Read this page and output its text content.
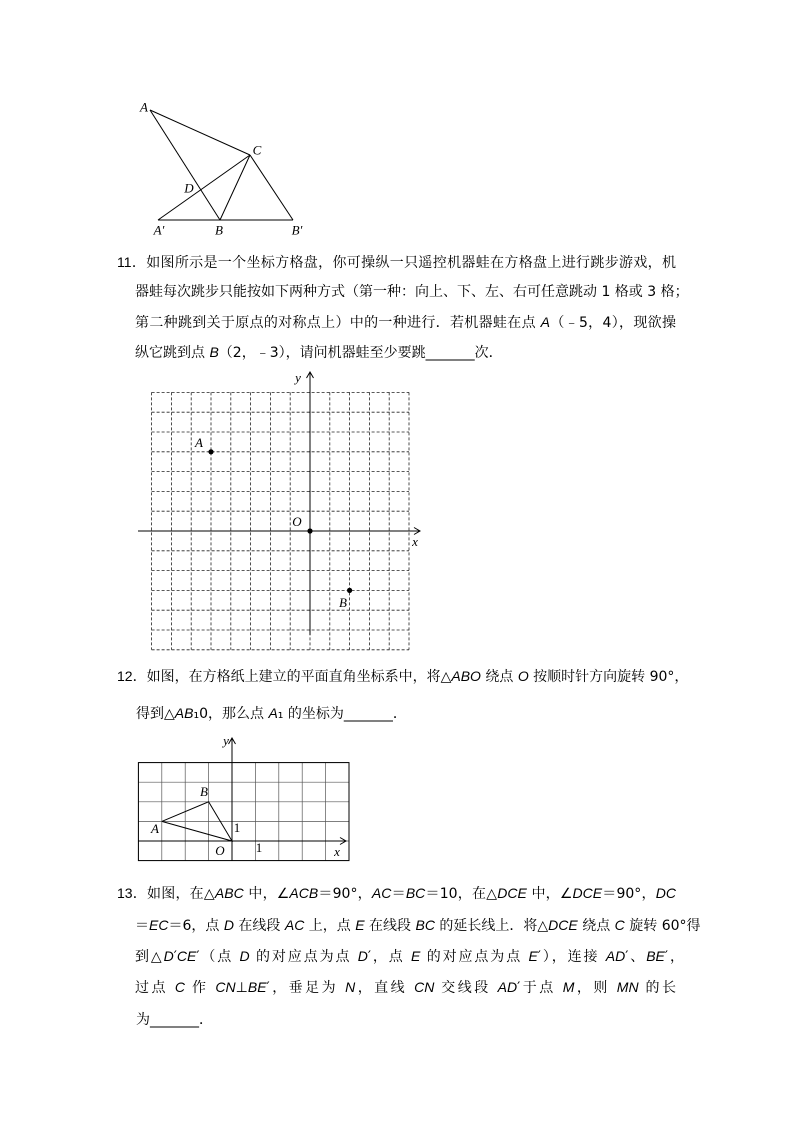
A
C
D
A′	B	B′
11．如图所示是一个坐标方格盘，你可操纵一只遥控机器蛙在方格盘上进行跳步游戏，机
器蛙每次跳步只能按如下两种方式（第一种：向上、下、左、右可任意跳动 1 格或 3 格；
第二种跳到关于原点的对称点上）中的一种进行．若机器蛙在点 A（﹣5，4），现欲操
纵它跳到点 B（2，﹣3），请问机器蛙至少要跳_______次．
y
x
O
A
B
12．如图，在方格纸上建立的平面直角坐标系中，将△ABO 绕点 O 按顺时针方向旋转 90°，
得到△AB₁0，那么点 A₁ 的坐标为_______．
A
B
O
1
1	x
y
13．如图，在△ABC 中，∠ACB＝90°，AC＝BC＝10，在△DCE 中，∠DCE＝90°，DC
＝EC＝6，点 D 在线段 AC 上，点 E 在线段 BC 的延长线上．将△DCE 绕点 C 旋转 60°得
到△D′CE′（点 D 的对应点为点 D′，点 E 的对应点为点 E′），连接 AD′、BE′，
过点 C 作 CN⊥BE′，垂足为 N，直线 CN 交线段 AD′于点 M，则 MN 的长
为_______．
